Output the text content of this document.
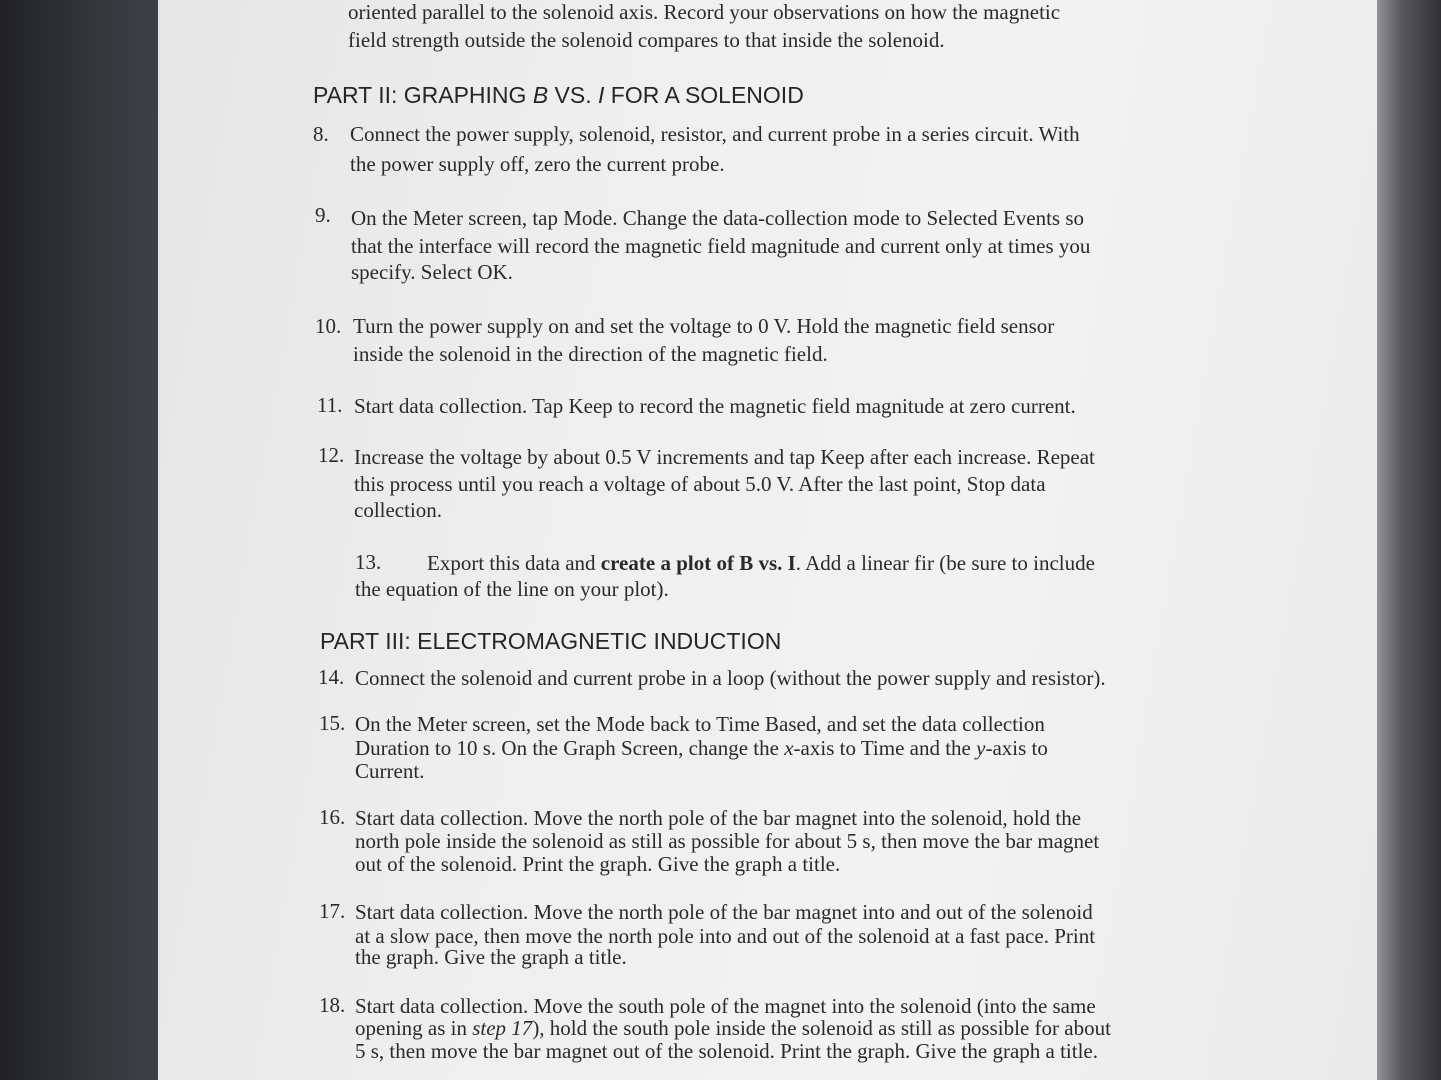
oriented parallel to the solenoid axis. Record your observations on how the magnetic
field strength outside the solenoid compares to that inside the solenoid.
PART II: GRAPHING B VS. I FOR A SOLENOID
8. Connect the power supply, solenoid, resistor, and current probe in a series circuit. With
the power supply off, zero the current probe.
9. On the Meter screen, tap Mode. Change the data-collection mode to Selected Events so
that the interface will record the magnetic field magnitude and current only at times you
specify. Select OK.
10. Turn the power supply on and set the voltage to 0 V. Hold the magnetic field sensor
inside the solenoid in the direction of the magnetic field.
11. Start data collection. Tap Keep to record the magnetic field magnitude at zero current.
12. Increase the voltage by about 0.5 V increments and tap Keep after each increase. Repeat
this process until you reach a voltage of about 5.0 V. After the last point, Stop data
collection.
13. Export this data and create a plot of B vs. I. Add a linear fir (be sure to include
the equation of the line on your plot).
PART III: ELECTROMAGNETIC INDUCTION
14. Connect the solenoid and current probe in a loop (without the power supply and resistor).
15. On the Meter screen, set the Mode back to Time Based, and set the data collection
Duration to 10 s. On the Graph Screen, change the x-axis to Time and the y-axis to
Current.
16. Start data collection. Move the north pole of the bar magnet into the solenoid, hold the
north pole inside the solenoid as still as possible for about 5 s, then move the bar magnet
out of the solenoid. Print the graph. Give the graph a title.
17. Start data collection. Move the north pole of the bar magnet into and out of the solenoid
at a slow pace, then move the north pole into and out of the solenoid at a fast pace. Print
the graph. Give the graph a title.
18. Start data collection. Move the south pole of the magnet into the solenoid (into the same
opening as in step 17), hold the south pole inside the solenoid as still as possible for about
5 s, then move the bar magnet out of the solenoid. Print the graph. Give the graph a title.
